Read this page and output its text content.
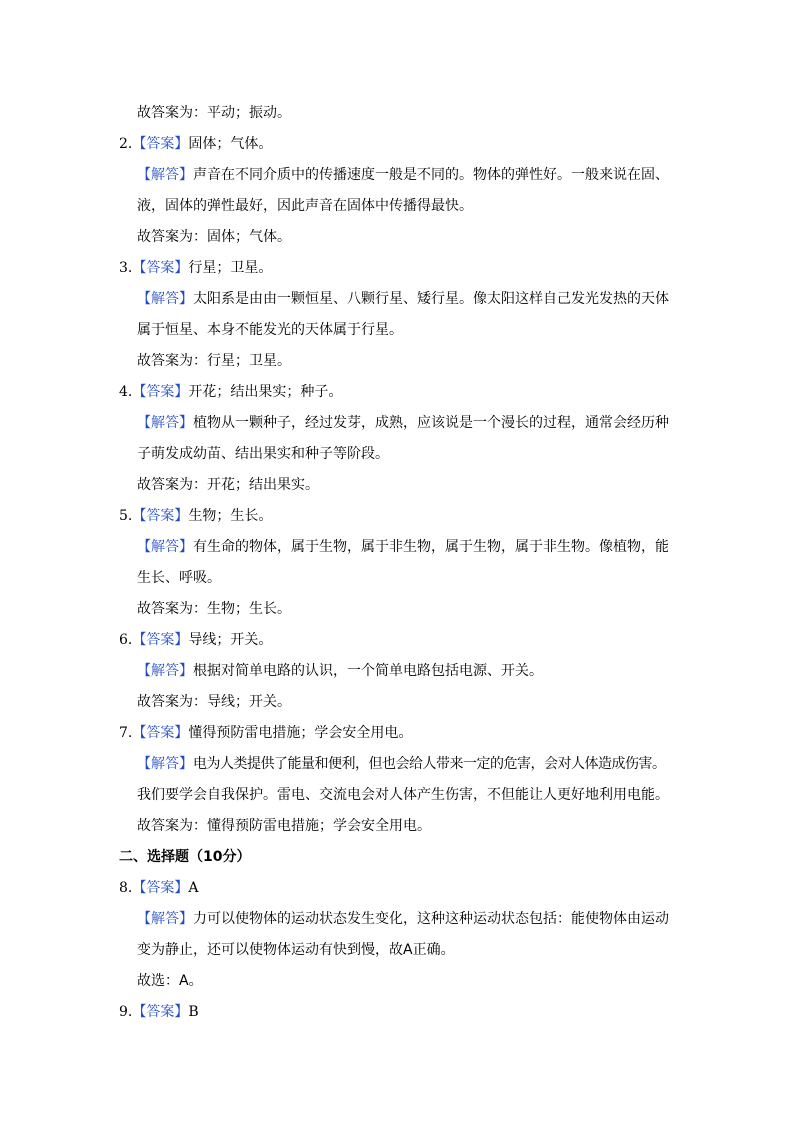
故答案为：平动；振动。
2.【答案】固体；气体。
【解答】声音在不同介质中的传播速度一般是不同的。物体的弹性好。一般来说在固、
液，固体的弹性最好，因此声音在固体中传播得最快。
故答案为：固体；气体。
3.【答案】行星；卫星。
【解答】太阳系是由由一颗恒星、八颗行星、矮行星。像太阳这样自己发光发热的天体
属于恒星、本身不能发光的天体属于行星。
故答案为：行星；卫星。
4.【答案】开花；结出果实；种子。
【解答】植物从一颗种子，经过发芽，成熟，应该说是一个漫长的过程，通常会经历种
子萌发成幼苗、结出果实和种子等阶段。
故答案为：开花；结出果实。
5.【答案】生物；生长。
【解答】有生命的物体，属于生物，属于非生物，属于生物，属于非生物。像植物，能
生长、呼吸。
故答案为：生物；生长。
6.【答案】导线；开关。
【解答】根据对简单电路的认识，一个简单电路包括电源、开关。
故答案为：导线；开关。
7.【答案】懂得预防雷电措施；学会安全用电。
【解答】电为人类提供了能量和便利，但也会给人带来一定的危害，会对人体造成伤害。
我们要学会自我保护。雷电、交流电会对人体产生伤害，不但能让人更好地利用电能。
故答案为：懂得预防雷电措施；学会安全用电。
二、选择题（10分）
8.【答案】A
【解答】力可以使物体的运动状态发生变化，这种这种运动状态包括：能使物体由运动
变为静止，还可以使物体运动有快到慢，故A正确。
故选：A。
9.【答案】B
